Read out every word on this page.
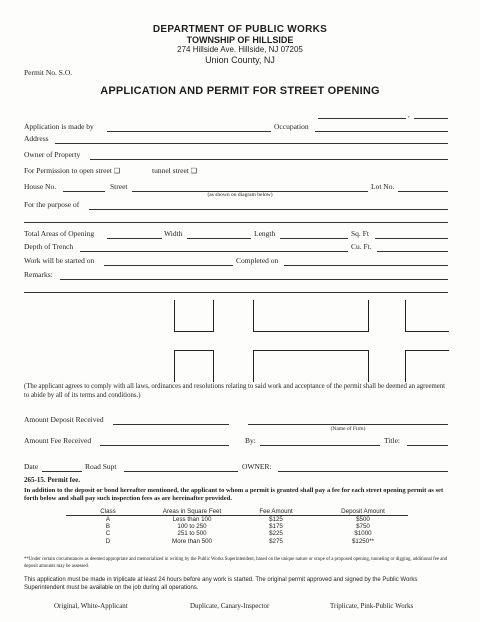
DEPARTMENT OF PUBLIC WORKS
TOWNSHIP OF HILLSIDE
274 Hillside Ave. Hillside, NJ 07205
Union County, NJ
Permit No. S.O.
APPLICATION AND PERMIT FOR STREET OPENING
,
Application is made by	Occupation
Address
Owner of Property
For Permission to open street ❑	tunnel street ❑
House No.	Street	Lot No.
(as shown on diagram below)
For the purpose of
Total Areas of Opening	Width	Length	Sq. Ft
Depth of Trench	Cu. Ft.
Work will be started on	Completed on
Remarks:
(The applicant agrees to comply with all laws, ordinances and resolutions relating to said work and acceptance of the permit shall be deemed an agreement to abide by all of its terms and conditions.)
Amount Deposit Received
(Name of Firm)
Amount Fee Received	By:	Title:
Date	Road Supt	OWNER:
265-15. Permit fee.
In addition to the deposit or bond hereafter mentioned, the applicant to whom a permit is granted shall pay a fee for each street opening permit as set forth below and shall pay such inspection fees as are hereinafter provided.
Class	Areas in Square Feet	Fee Amount	Deposit Amount
A	Less than 100	$125	$500
B	100 to 250	$175	$750
C	251 to 500	$225	$1000
D	More than 500	$275	$1250**
**Under certain circumstances as deemed appropriate and memorialized in writing by the Public Works Superintendent, based on the unique nature or scope of a proposed opening, tunneling or digging, additional fee and deposit amounts may be assessed.
This application must be made in triplicate at least 24 hours before any work is started. The original permit approved and signed by the Public Works Superintendent must be available on the job during all operations.
Original, White-Applicant	Duplicate, Canary-Inspector	Triplicate, Pink-Public Works
